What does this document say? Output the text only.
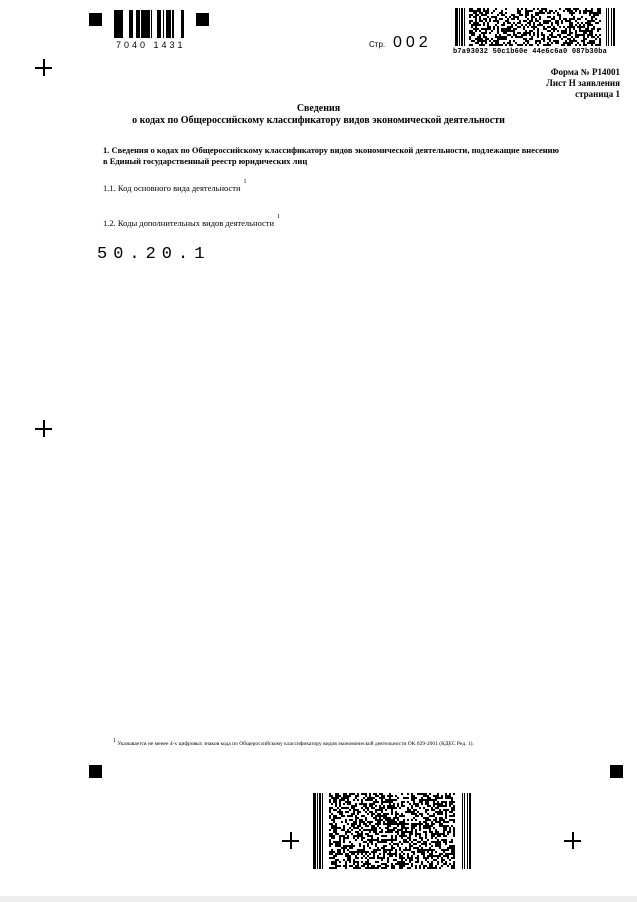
7040 1431	Стр. 002
b7a93032 50c1b60e 44e6c6a0 087b30ba
Форма № Р14001
Лист Н заявления
страница 1
Сведения
о кодах по Общероссийскому классификатору видов экономической деятельности
1. Сведения о кодах по Общероссийскому классификатору видов экономической деятельности, подлежащие внесению
в Единый государственный реестр юридических лиц
1.1. Код основного вида деятельности$^1$
1.2. Коды дополнительных видов деятельности$^1$
50.20.1
1 Указывается не менее 4-х цифровых знаков кода по Общероссийскому классификатору видов экономической деятельности ОК 029-2001 (КДЕС Ред. 1).
